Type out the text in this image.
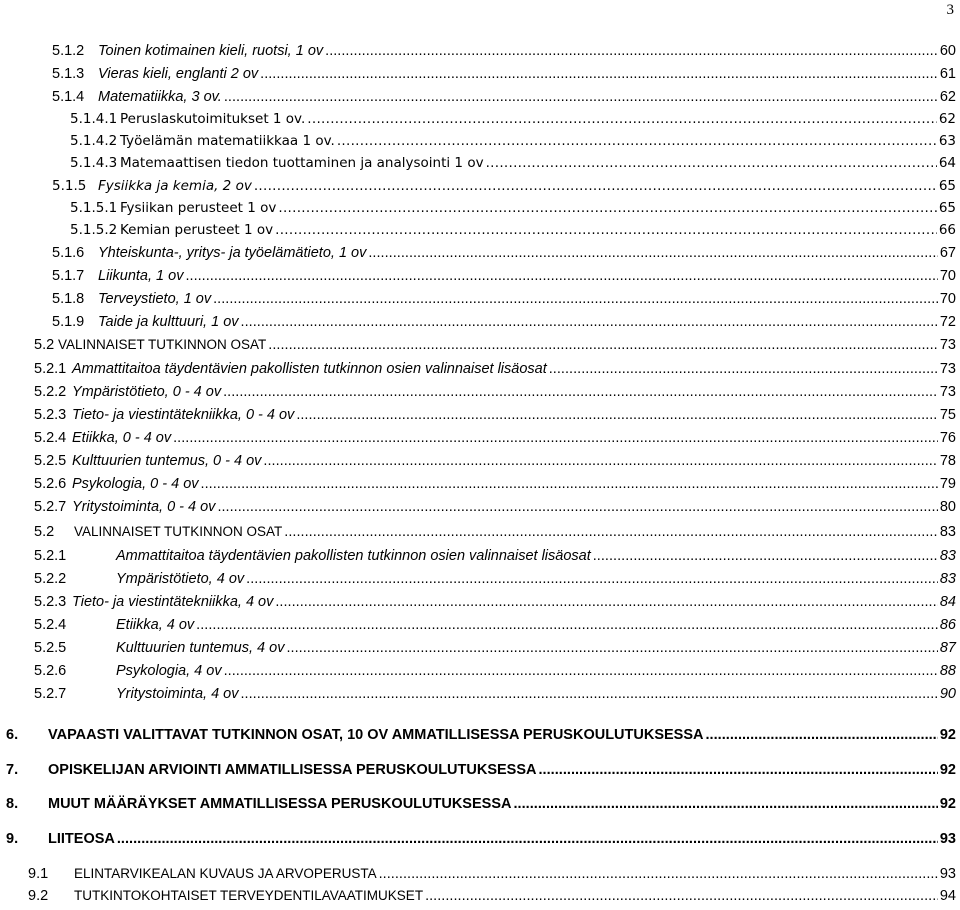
3
5.1.2 Toinen kotimainen kieli, ruotsi, 1 ov . . .	60
5.1.3 Vieras kieli, englanti 2 ov . . .	61
5.1.4 Matematiikka, 3 ov. . . .	62
5.1.4.1 Peruslaskutoimitukset 1 ov. . . .	62
5.1.4.2 Työelämän matematiikkaa 1 ov. . . .	63
5.1.4.3 Matemaattisen tiedon tuottaminen ja analysointi 1 ov . . .	64
5.1.5 Fysiikka ja kemia, 2 ov . . .	65
5.1.5.1 Fysiikan perusteet 1 ov . . .	65
5.1.5.2 Kemian perusteet 1 ov . . .	66
5.1.6 Yhteiskunta-, yritys- ja työelämätieto, 1 ov . . .	67
5.1.7 Liikunta, 1 ov . . .	70
5.1.8 Terveystieto, 1 ov . . .	70
5.1.9 Taide ja kulttuuri, 1 ov . . .	72
5.2 VALINNAISET TUTKINNON OSAT . . .	73
5.2.1 Ammattitaitoa täydentävien pakollisten tutkinnon osien valinnaiset lisäosat . . .	73
5.2.2 Ympäristötieto, 0 - 4 ov . . .	73
5.2.3 Tieto- ja viestintätekniikka, 0 - 4 ov . . .	75
5.2.4 Etiikka, 0 - 4 ov . . .	76
5.2.5 Kulttuurien tuntemus, 0 - 4 ov . . .	78
5.2.6 Psykologia, 0 - 4 ov . . .	79
5.2.7 Yritystoiminta, 0 - 4 ov . . .	80
5.2	VALINNAISET TUTKINNON OSAT . . .	83
5.2.1	Ammattitaitoa täydentävien pakollisten tutkinnon osien valinnaiset lisäosat . . .	83
5.2.2	Ympäristötieto, 4 ov . . .	83
5.2.3 Tieto- ja viestintätekniikka, 4 ov . . .	84
5.2.4	Etiikka, 4 ov . . .	86
5.2.5	Kulttuurien tuntemus, 4 ov . . .	87
5.2.6	Psykologia, 4 ov . . .	88
5.2.7	Yritystoiminta, 4 ov . . .	90
6.	VAPAASTI VALITTAVAT TUTKINNON OSAT, 10 OV AMMATILLISESSA PERUSKOULUTUKSESSA . . .	92
7.	OPISKELIJAN ARVIOINTI AMMATILLISESSA PERUSKOULUTUKSESSA . . .	92
8.	MUUT MÄÄRÄYKSET AMMATILLISESSA PERUSKOULUTUKSESSA . . .	92
9.	LIITEOSA . . .	93
9.1	ELINTARVIKEALAN KUVAUS JA ARVOPERUSTA . . .	93
9.2	TUTKINTOKOHTAISET TERVEYDENTILAVAATIMUKSET . . .	94
